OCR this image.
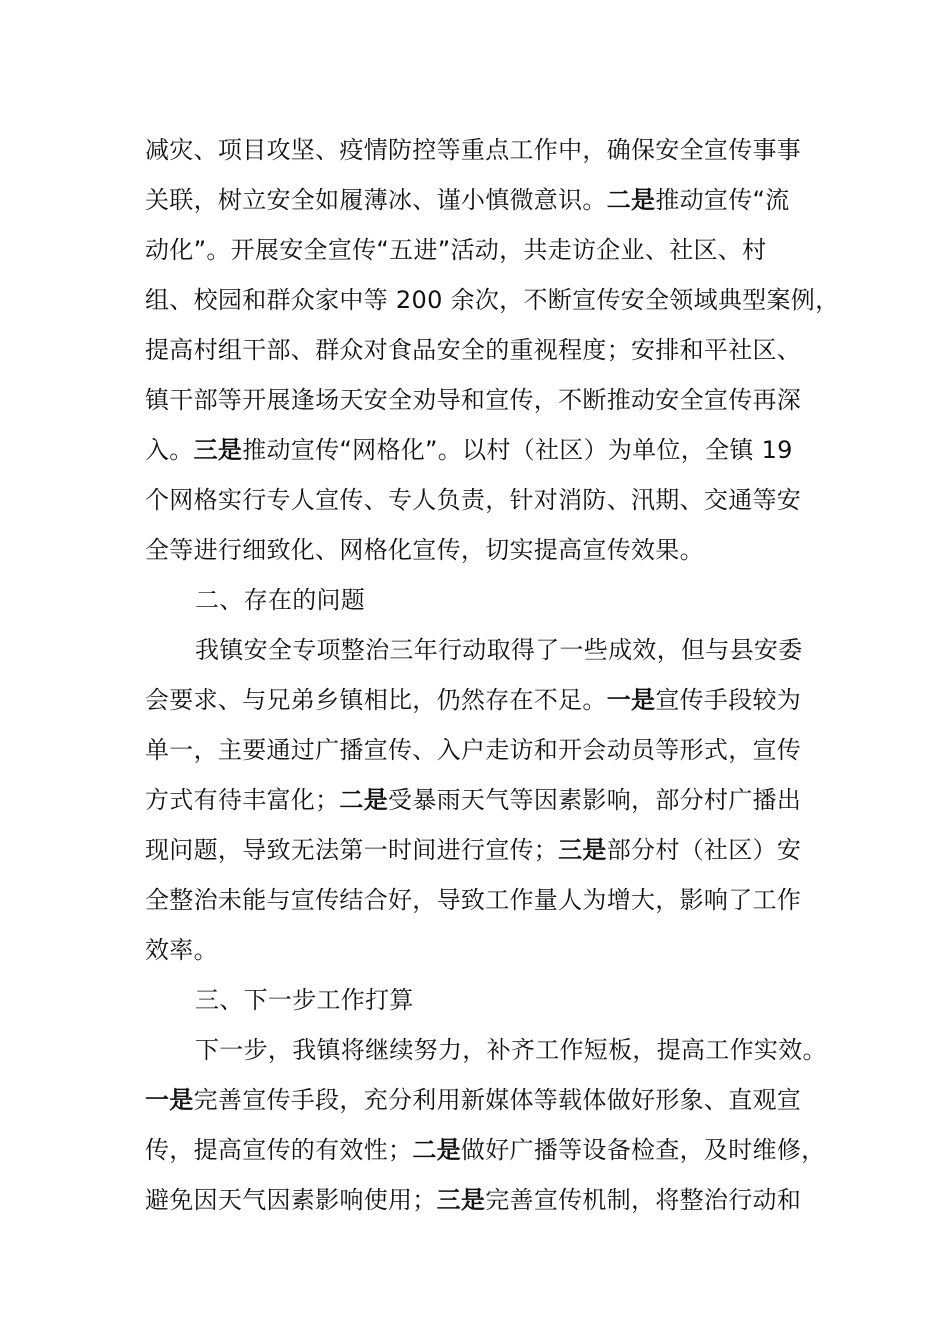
减灾、项目攻坚、疫情防控等重点工作中，确保安全宣传事事
关联，树立安全如履薄冰、谨小慎微意识。二是推动宣传“流
动化”。开展安全宣传“五进”活动，共走访企业、社区、村
组、校园和群众家中等 200 余次，不断宣传安全领域典型案例，
提高村组干部、群众对食品安全的重视程度；安排和平社区、
镇干部等开展逢场天安全劝导和宣传，不断推动安全宣传再深
入。三是推动宣传“网格化”。以村（社区）为单位，全镇 19
个网格实行专人宣传、专人负责，针对消防、汛期、交通等安
全等进行细致化、网格化宣传，切实提高宣传效果。
二、存在的问题
我镇安全专项整治三年行动取得了一些成效，但与县安委
会要求、与兄弟乡镇相比，仍然存在不足。一是宣传手段较为
单一，主要通过广播宣传、入户走访和开会动员等形式，宣传
方式有待丰富化；二是受暴雨天气等因素影响，部分村广播出
现问题，导致无法第一时间进行宣传；三是部分村（社区）安
全整治未能与宣传结合好，导致工作量人为增大，影响了工作
效率。
三、下一步工作打算
下一步，我镇将继续努力，补齐工作短板，提高工作实效。
一是完善宣传手段，充分利用新媒体等载体做好形象、直观宣
传，提高宣传的有效性；二是做好广播等设备检查，及时维修，
避免因天气因素影响使用；三是完善宣传机制，将整治行动和
